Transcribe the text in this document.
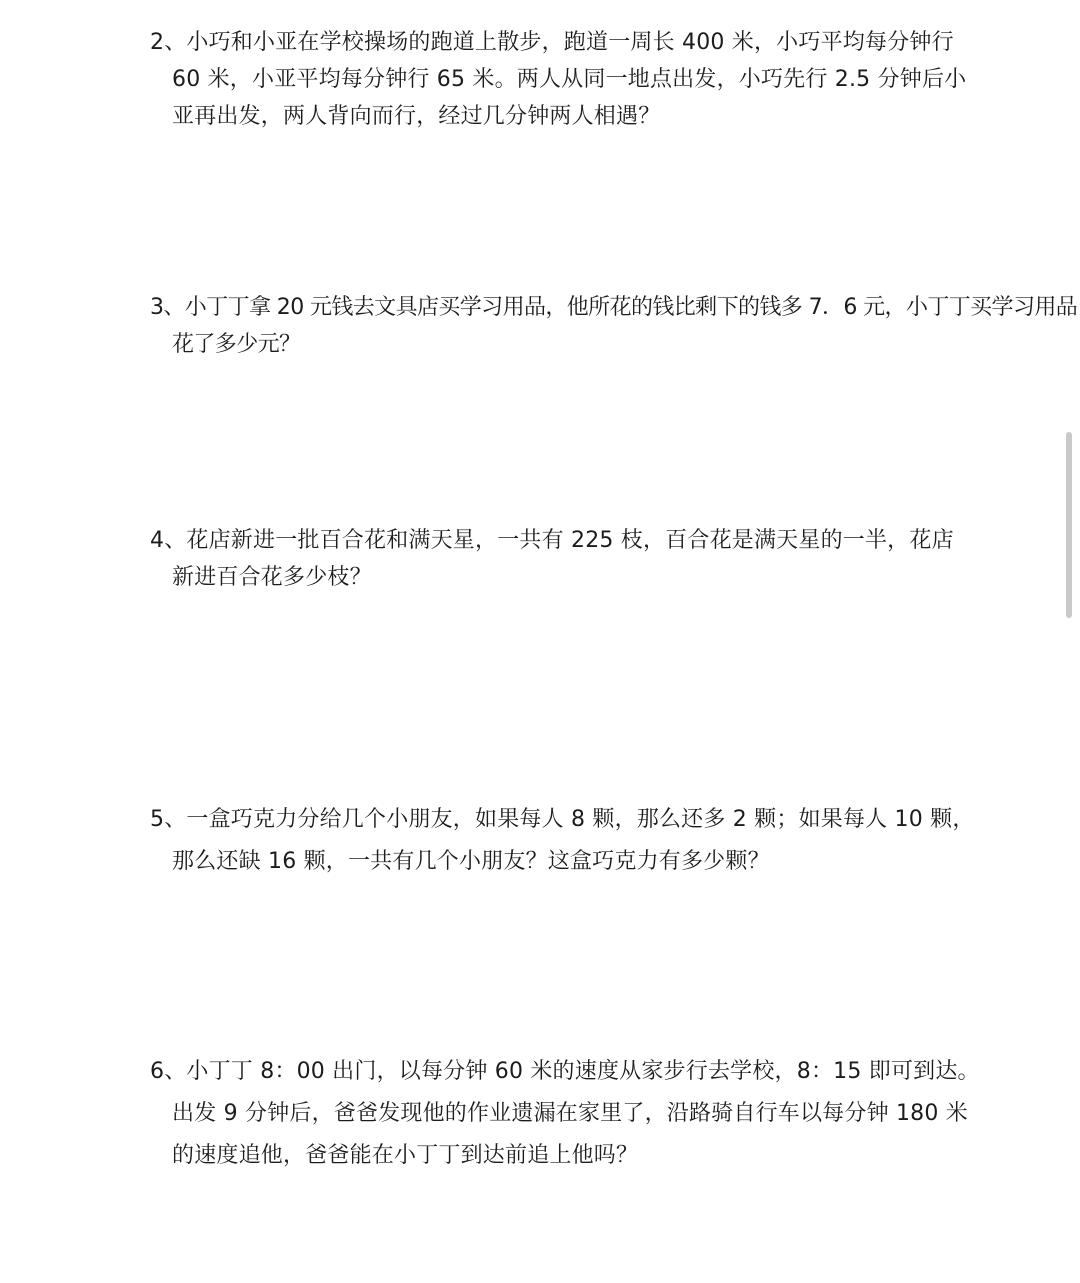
2、小巧和小亚在学校操场的跑道上散步，跑道一周长 400 米，小巧平均每分钟行
60 米，小亚平均每分钟行 65 米。两人从同一地点出发，小巧先行 2.5 分钟后小
亚再出发，两人背向而行，经过几分钟两人相遇？
3、小丁丁拿 20 元钱去文具店买学习用品，他所花的钱比剩下的钱多 7．6 元，小丁丁买学习用品
花了多少元？
4、花店新进一批百合花和满天星，一共有 225 枝，百合花是满天星的一半，花店
新进百合花多少枝？
5、一盒巧克力分给几个小朋友，如果每人 8 颗，那么还多 2 颗；如果每人 10 颗，
那么还缺 16 颗，一共有几个小朋友？这盒巧克力有多少颗？
6、小丁丁 8：00 出门，以每分钟 60 米的速度从家步行去学校，8：15 即可到达。
出发 9 分钟后，爸爸发现他的作业遗漏在家里了，沿路骑自行车以每分钟 180 米
的速度追他，爸爸能在小丁丁到达前追上他吗？
